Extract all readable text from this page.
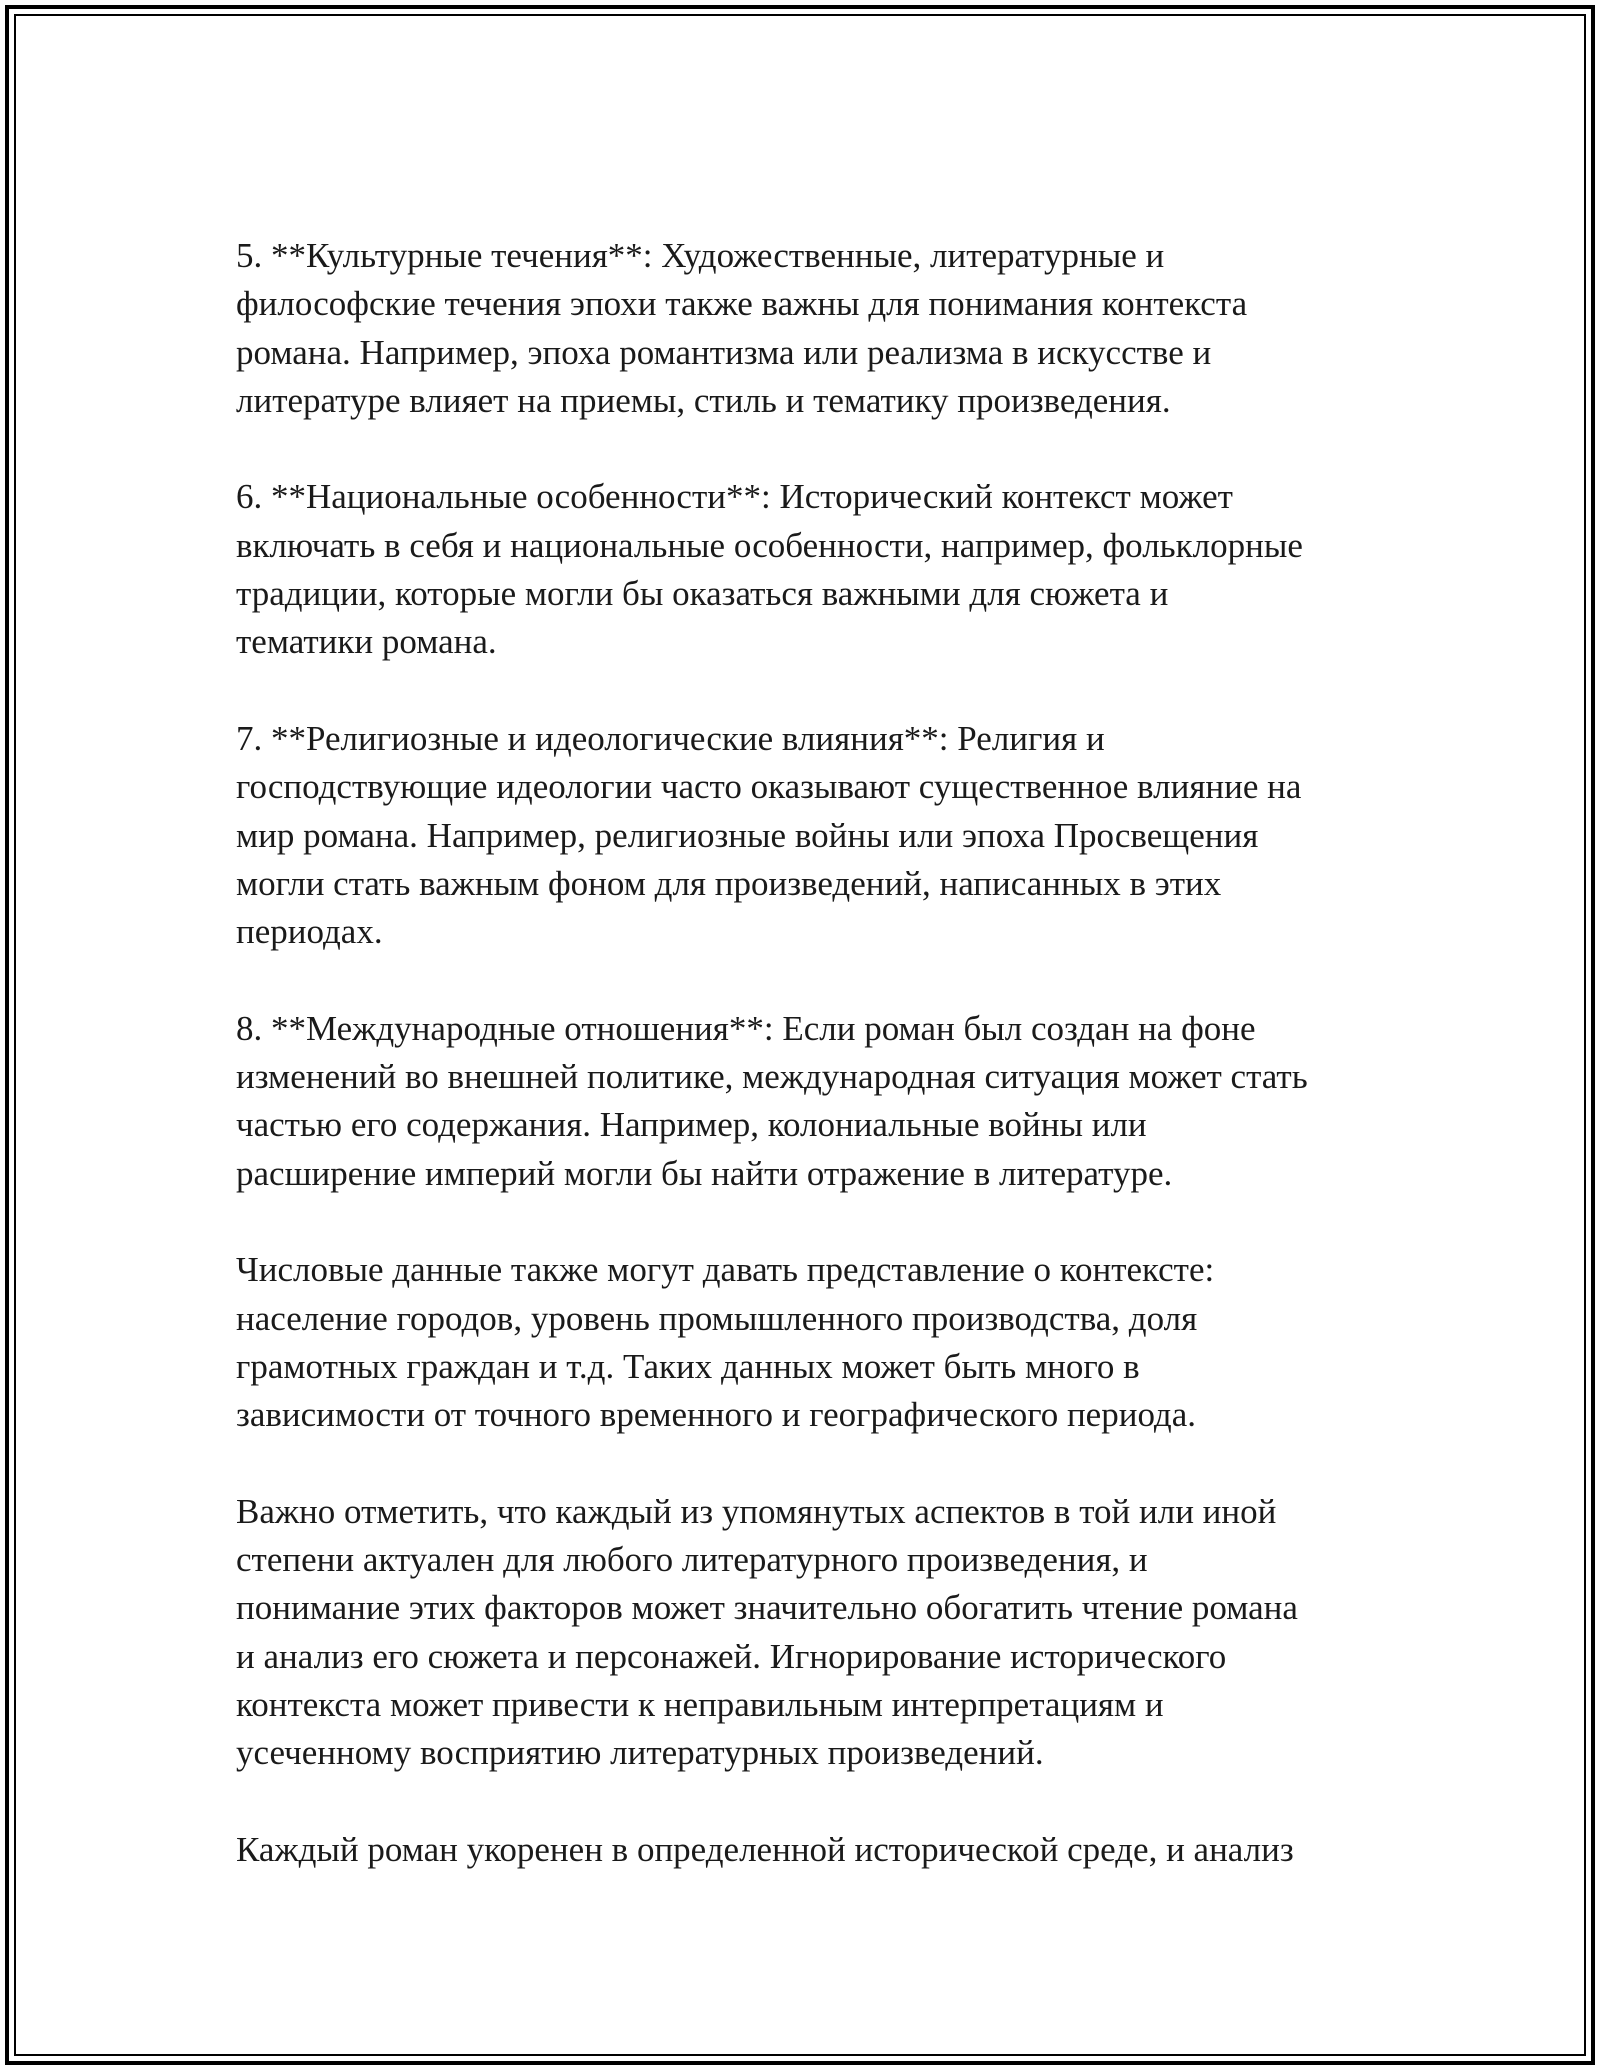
5. **Культурные течения**: Художественные, литературные и
философские течения эпохи также важны для понимания контекста
романа. Например, эпоха романтизма или реализма в искусстве и
литературе влияет на приемы, стиль и тематику произведения.

6. **Национальные особенности**: Исторический контекст может
включать в себя и национальные особенности, например, фольклорные
традиции, которые могли бы оказаться важными для сюжета и
тематики романа.

7. **Религиозные и идеологические влияния**: Религия и
господствующие идеологии часто оказывают существенное влияние на
мир романа. Например, религиозные войны или эпоха Просвещения
могли стать важным фоном для произведений, написанных в этих
периодах.

8. **Международные отношения**: Если роман был создан на фоне
изменений во внешней политике, международная ситуация может стать
частью его содержания. Например, колониальные войны или
расширение империй могли бы найти отражение в литературе.

Числовые данные также могут давать представление о контексте:
население городов, уровень промышленного производства, доля
грамотных граждан и т.д. Таких данных может быть много в
зависимости от точного временного и географического периода.

Важно отметить, что каждый из упомянутых аспектов в той или иной
степени актуален для любого литературного произведения, и
понимание этих факторов может значительно обогатить чтение романа
и анализ его сюжета и персонажей. Игнорирование исторического
контекста может привести к неправильным интерпретациям и
усеченному восприятию литературных произведений.

Каждый роман укоренен в определенной исторической среде, и анализ
